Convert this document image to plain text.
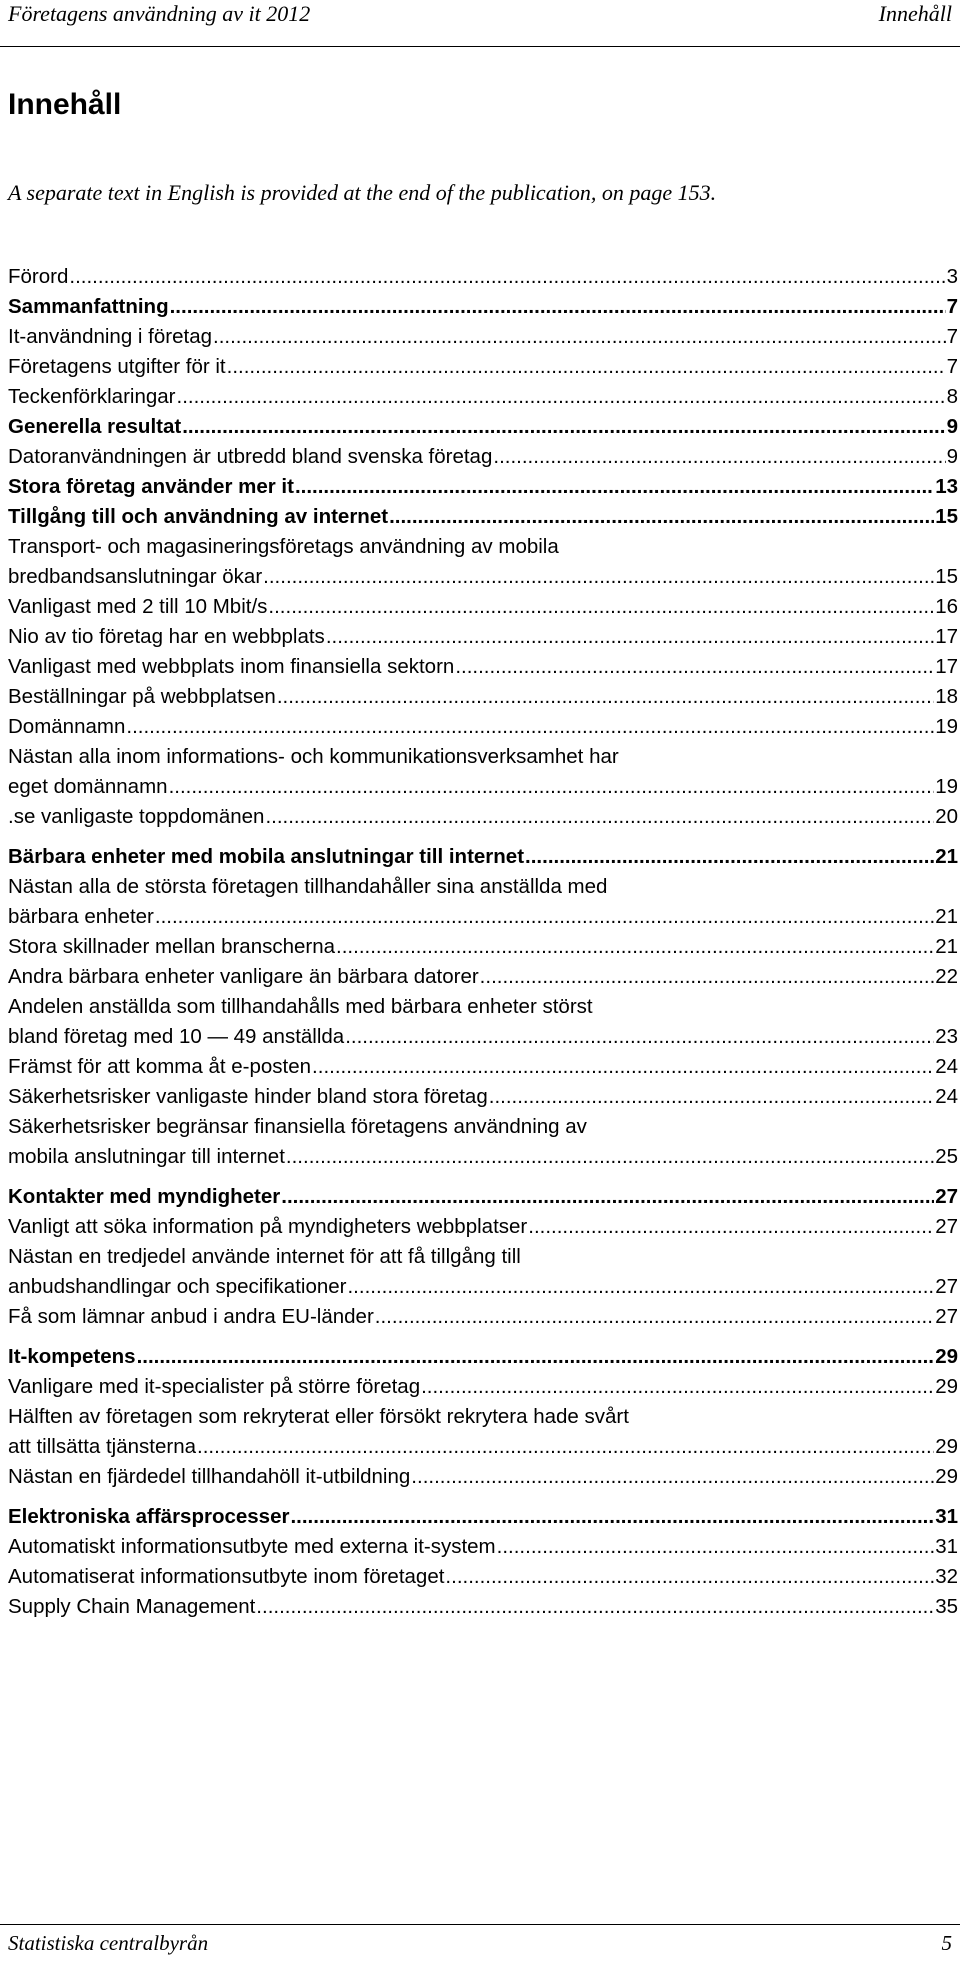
Företagens användning av it 2012	Innehåll
Innehåll

A separate text in English is provided at the end of the publication, on page 153.

Förord .....	3
Sammanfattning .....	7
It-användning i företag .....	7
Företagens utgifter för it .....	7
Teckenförklaringar .....	8
Generella resultat .....	9
Datoranvändningen är utbredd bland svenska företag .....	9
Stora företag använder mer it .....	13
Tillgång till och användning av internet .....	15
Transport- och magasineringsföretags användning av mobila
bredbandsanslutningar ökar .....	15
Vanligast med 2 till 10 Mbit/s .....	16
Nio av tio företag har en webbplats .....	17
Vanligast med webbplats inom finansiella sektorn .....	17
Beställningar på webbplatsen .....	18
Domännamn .....	19
Nästan alla inom informations- och kommunikationsverksamhet har
eget domännamn .....	19
.se vanligaste toppdomänen .....	20
Bärbara enheter med mobila anslutningar till internet .....	21
Nästan alla de största företagen tillhandahåller sina anställda med
bärbara enheter .....	21
Stora skillnader mellan branscherna .....	21
Andra bärbara enheter vanligare än bärbara datorer .....	22
Andelen anställda som tillhandahålls med bärbara enheter störst
bland företag med 10 — 49 anställda .....	23
Främst för att komma åt e-posten .....	24
Säkerhetsrisker vanligaste hinder bland stora företag .....	24
Säkerhetsrisker begränsar finansiella företagens användning av
mobila anslutningar till internet .....	25
Kontakter med myndigheter .....	27
Vanligt att söka information på myndigheters webbplatser .....	27
Nästan en tredjedel använde internet för att få tillgång till
anbudshandlingar och specifikationer .....	27
Få som lämnar anbud i andra EU-länder .....	27
It-kompetens .....	29
Vanligare med it-specialister på större företag .....	29
Hälften av företagen som rekryterat eller försökt rekrytera hade svårt
att tillsätta tjänsterna .....	29
Nästan en fjärdedel tillhandahöll it-utbildning .....	29
Elektroniska affärsprocesser .....	31
Automatiskt informationsutbyte med externa it-system .....	31
Automatiserat informationsutbyte inom företaget .....	32
Supply Chain Management .....	35
Statistiska centralbyrån	5
